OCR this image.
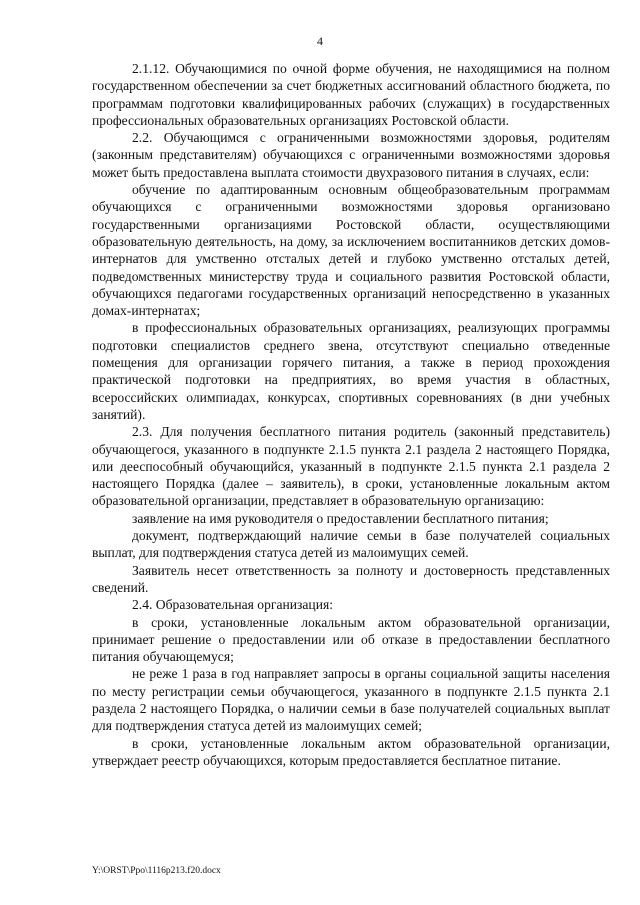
4

2.1.12. Обучающимися по очной форме обучения, не находящимися на полном государственном обеспечении за счет бюджетных ассигнований областного бюджета, по программам подготовки квалифицированных рабочих (служащих) в государственных профессиональных образовательных организациях Ростовской области.

2.2. Обучающимся с ограниченными возможностями здоровья, родителям (законным представителям) обучающихся с ограниченными возможностями здоровья может быть предоставлена выплата стоимости двухразового питания в случаях, если:

обучение по адаптированным основным общеобразовательным программам обучающихся с ограниченными возможностями здоровья организовано государственными организациями Ростовской области, осуществляющими образовательную деятельность, на дому, за исключением воспитанников детских домов-интернатов для умственно отсталых детей и глубоко умственно отсталых детей, подведомственных министерству труда и социального развития Ростовской области, обучающихся педагогами государственных организаций непосредственно в указанных домах-интернатах;

в профессиональных образовательных организациях, реализующих программы подготовки специалистов среднего звена, отсутствуют специально отведенные помещения для организации горячего питания, а также в период прохождения практической подготовки на предприятиях, во время участия в областных, всероссийских олимпиадах, конкурсах, спортивных соревнованиях (в дни учебных занятий).

2.3. Для получения бесплатного питания родитель (законный представитель) обучающегося, указанного в подпункте 2.1.5 пункта 2.1 раздела 2 настоящего Порядка, или дееспособный обучающийся, указанный в подпункте 2.1.5 пункта 2.1 раздела 2 настоящего Порядка (далее – заявитель), в сроки, установленные локальным актом образовательной организации, представляет в образовательную организацию:

заявление на имя руководителя о предоставлении бесплатного питания;

документ, подтверждающий наличие семьи в базе получателей социальных выплат, для подтверждения статуса детей из малоимущих семей.

Заявитель несет ответственность за полноту и достоверность представленных сведений.

2.4. Образовательная организация:

в сроки, установленные локальным актом образовательной организации, принимает решение о предоставлении или об отказе в предоставлении бесплатного питания обучающемуся;

не реже 1 раза в год направляет запросы в органы социальной защиты населения по месту регистрации семьи обучающегося, указанного в подпункте 2.1.5 пункта 2.1 раздела 2 настоящего Порядка, о наличии семьи в базе получателей социальных выплат для подтверждения статуса детей из малоимущих семей;

в сроки, установленные локальным актом образовательной организации, утверждает реестр обучающихся, которым предоставляется бесплатное питание.

Y:\ORST\Ppo\1116p213.f20.docx
